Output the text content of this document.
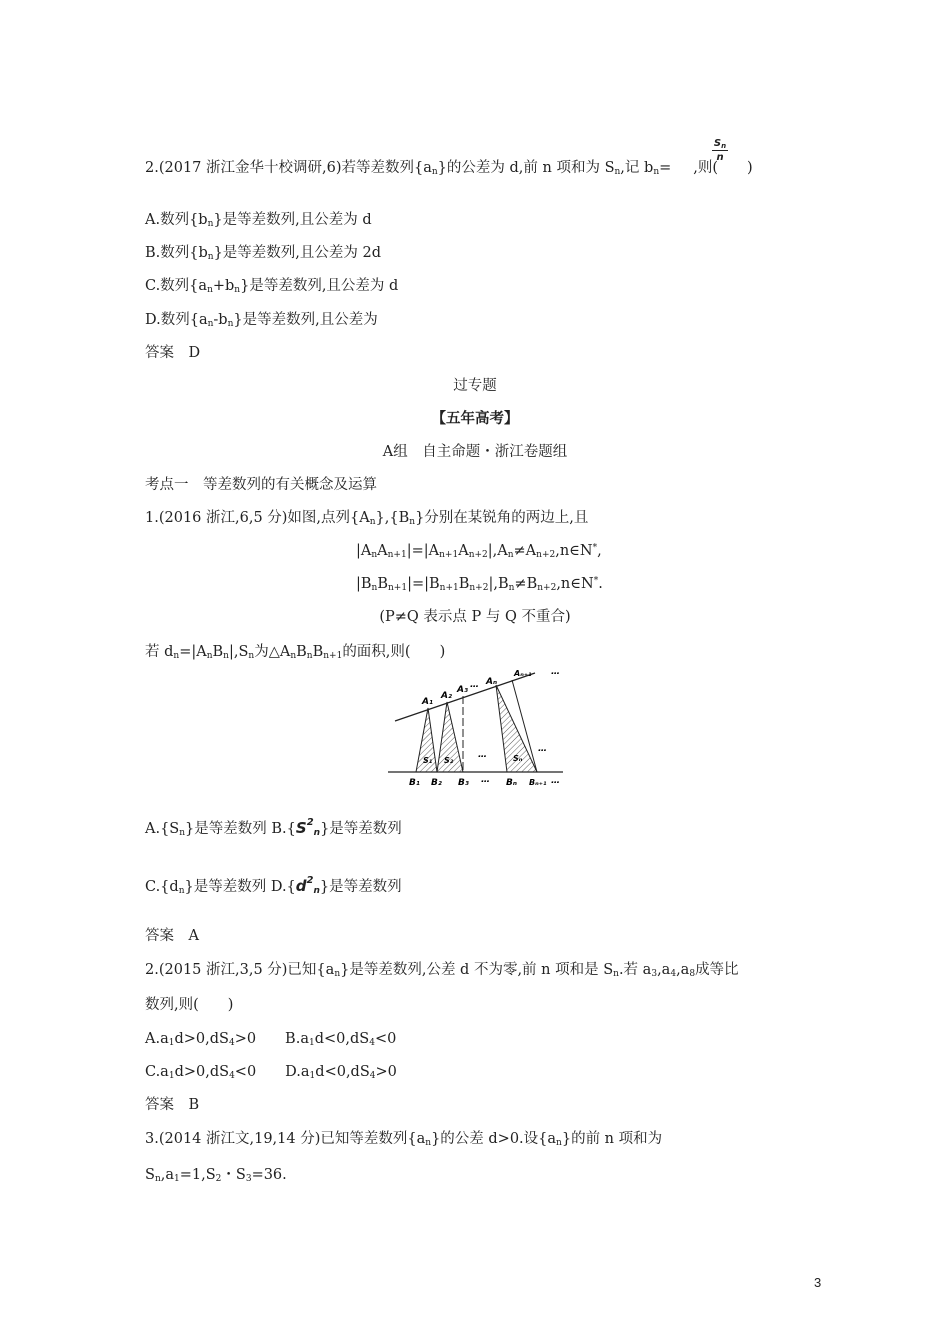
2.(2017 浙江金华十校调研,6)若等差数列$\{a_n\}$的公差为 d,前 n 项和为 $S_n$,记 $b_n=$ ,则(　　)
$S_n$
n
A.数列$\{b_n\}$是等差数列,且公差为 d
B.数列$\{b_n\}$是等差数列,且公差为 2d
C.数列$\{a_n+b_n\}$是等差数列,且公差为 d
D.数列$\{a_n-b_n\}$是等差数列,且公差为
答案　D
过专题
【五年高考】
A组　自主命题・浙江卷题组
考点一　等差数列的有关概念及运算
1.(2016 浙江,6,5 分)如图,点列$\{A_n\},\{B_n\}$分别在某锐角的两边上,且
$|A_nA_{n+1}|=|A_{n+1}A_{n+2}|,A_n\ne A_{n+2},n\in N^*$,
$|B_nB_{n+1}|=|B_{n+1}B_{n+2}|,B_n\ne B_{n+2},n\in N^*$.
(P≠Q 表示点 P 与 Q 不重合)
若 $d_n=|A_nB_n|,S_n$为$\triangle A_nB_nB_{n+1}$的面积,则(　　)
A₁
A₂
A₃ … Aₙ
Aₙ₊₁ …
B₁ B₂ B₃ … Bₙ Bₙ₊₁ …
S₁ S₂	Sₙ
…
…
$A.\{S_n\}$是等差数列 $B.\{S^2_n\}$是等差数列
$C.\{d_n\}$是等差数列 $D.\{d^2_n\}$是等差数列
答案　A
2.(2015 浙江,3,5 分)已知$\{a_n\}$是等差数列,公差 d 不为零,前 n 项和是 $S_n$.若 $a_3,a_4,a_8$成等比
数列,则(　　)
$A.a_1d>0,dS_4>0$　　$B.a_1d<0,dS_4<0$
$C.a_1d>0,dS_4<0$　　$D.a_1d<0,dS_4>0$
答案　B
3.(2014 浙江文,19,14 分)已知等差数列$\{a_n\}$的公差 d>0.设$\{a_n\}$的前 n 项和为
$S_n,a_1=1,S_2$・$S_3=36$.
3
